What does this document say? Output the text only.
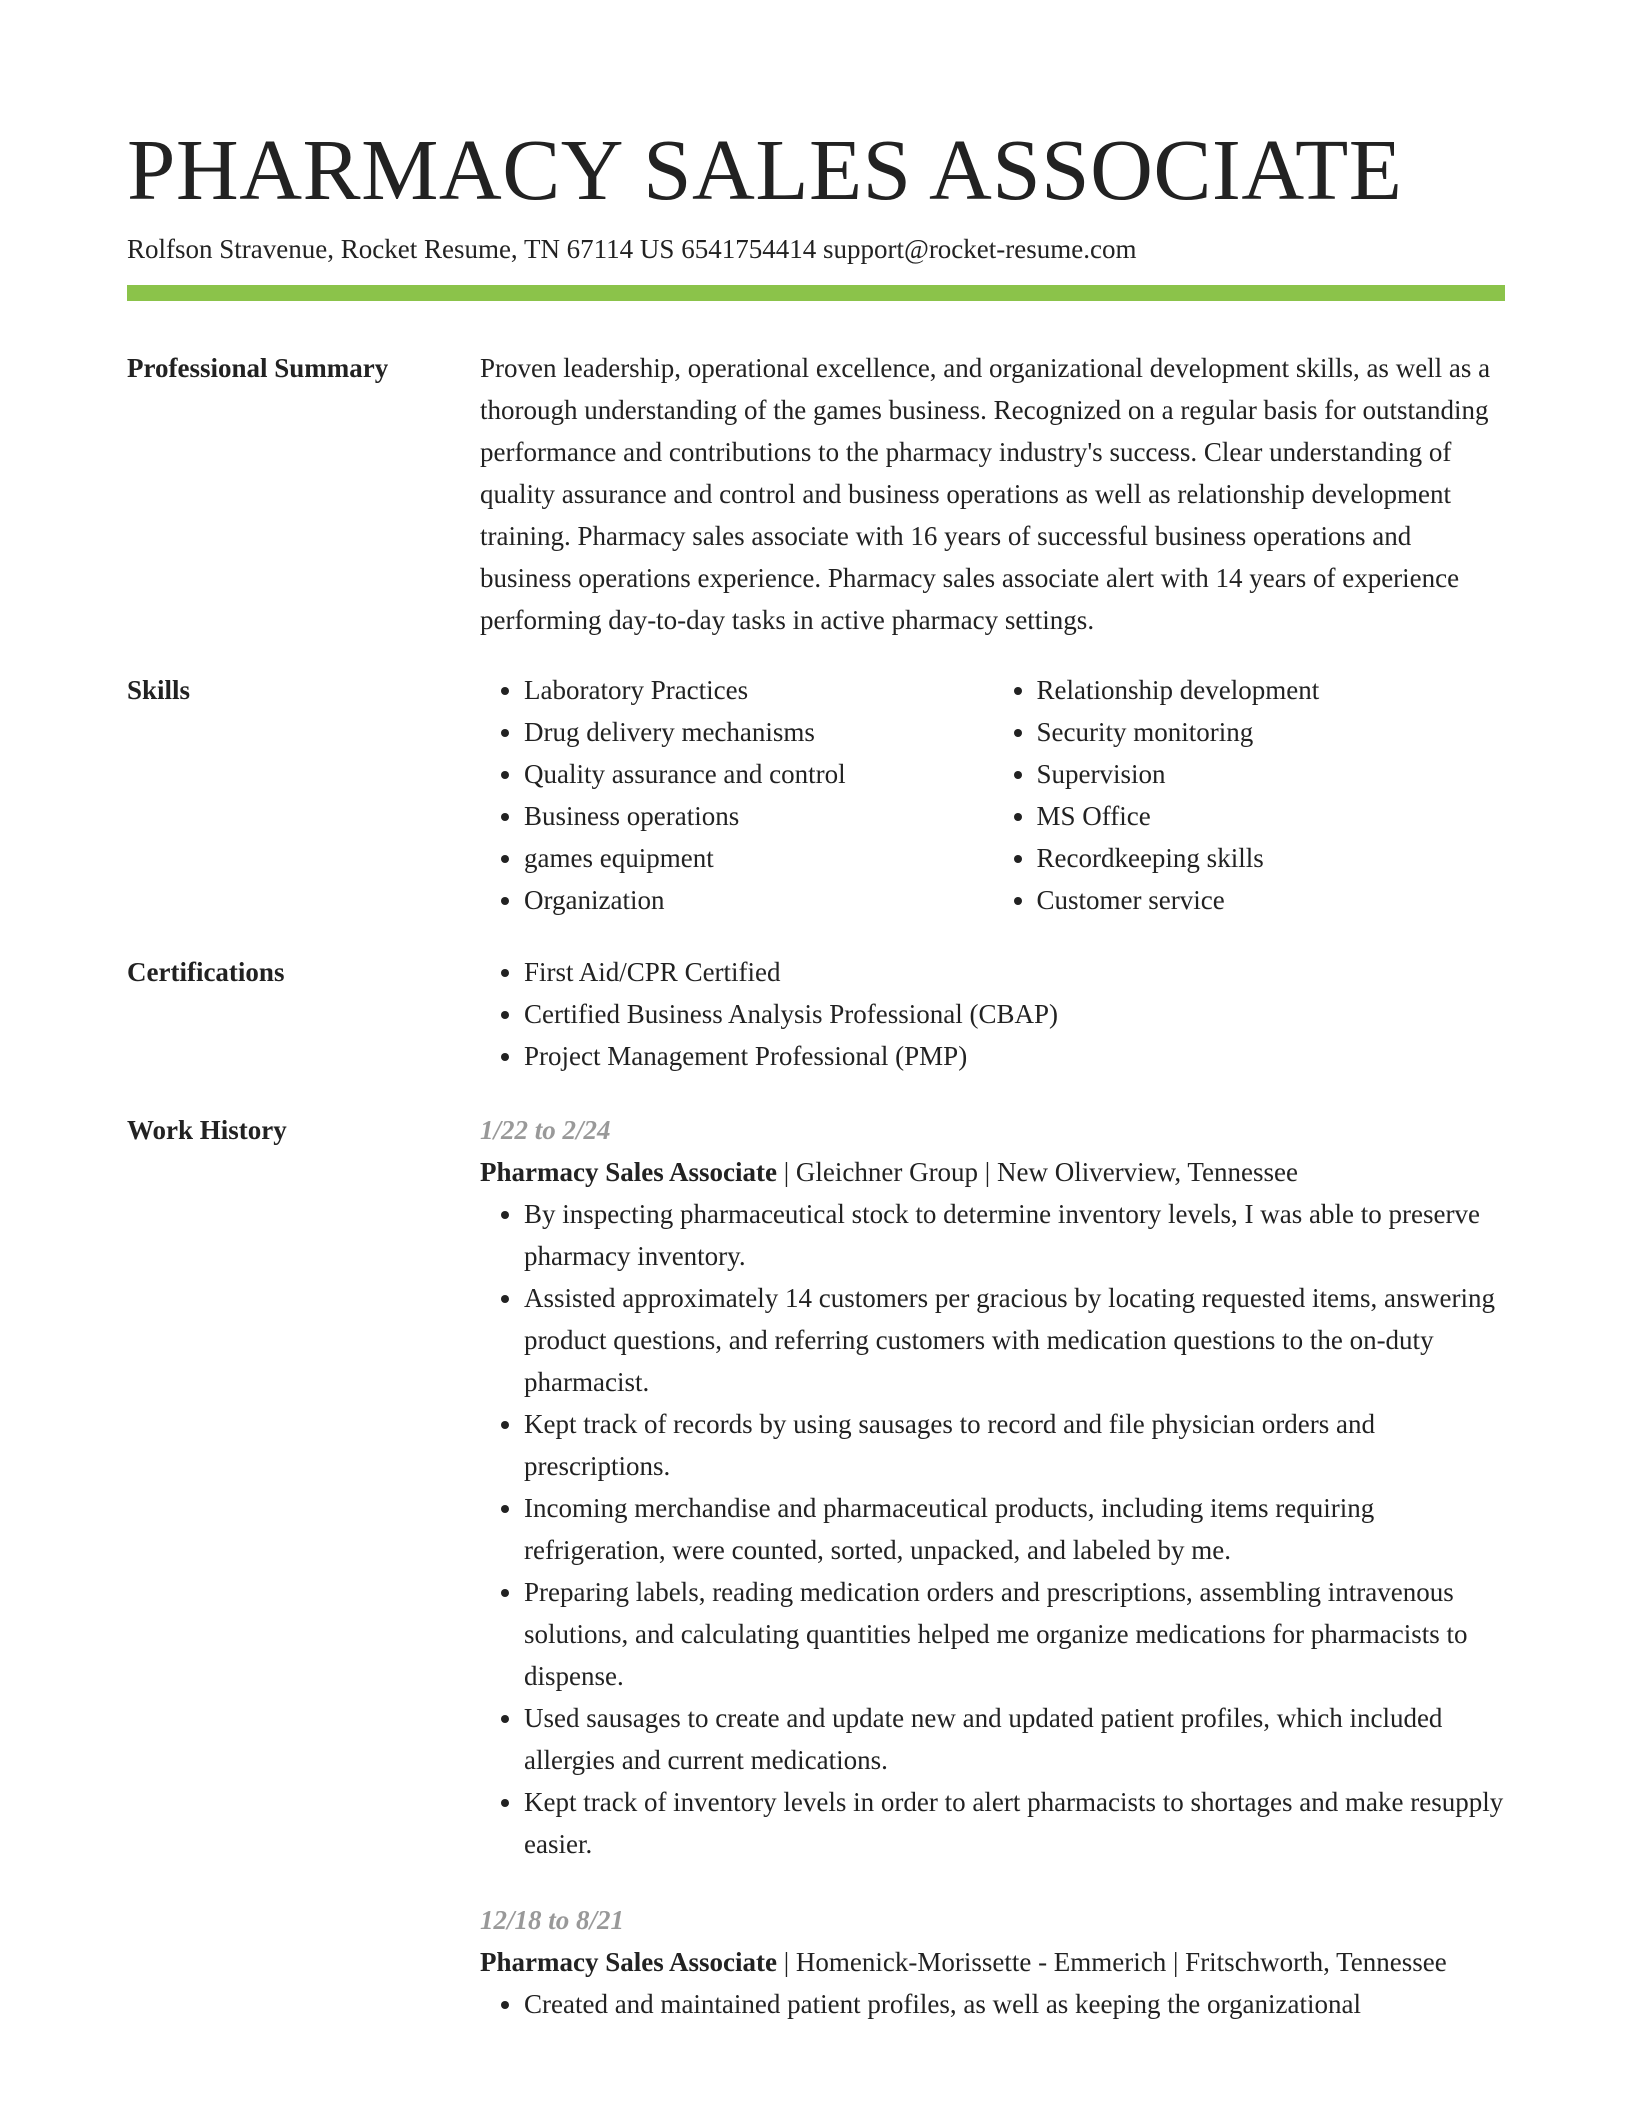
PHARMACY SALES ASSOCIATE
Rolfson Stravenue, Rocket Resume, TN 67114 US 6541754414 support@rocket-resume.com
Professional Summary	Proven leadership, operational excellence, and organizational development skills, as well as a thorough understanding of the games business. Recognized on a regular basis for outstanding performance and contributions to the pharmacy industry's success. Clear understanding of quality assurance and control and business operations as well as relationship development training. Pharmacy sales associate with 16 years of successful business operations and business operations experience. Pharmacy sales associate alert with 14 years of experience performing day-to-day tasks in active pharmacy settings.

Skills	• Laboratory Practices
• Drug delivery mechanisms
• Quality assurance and control
• Business operations
• games equipment
• Organization
• Relationship development
• Security monitoring
• Supervision
• MS Office
• Recordkeeping skills
• Customer service
Certifications	• First Aid/CPR Certified
• Certified Business Analysis Professional (CBAP)
• Project Management Professional (PMP)
Work History	1/22 to 2/24
Pharmacy Sales Associate | Gleichner Group | New Oliverview, Tennessee
• By inspecting pharmaceutical stock to determine inventory levels, I was able to preserve pharmacy inventory.
• Assisted approximately 14 customers per gracious by locating requested items, answering product questions, and referring customers with medication questions to the on-duty pharmacist.
• Kept track of records by using sausages to record and file physician orders and prescriptions.
• Incoming merchandise and pharmaceutical products, including items requiring refrigeration, were counted, sorted, unpacked, and labeled by me.
• Preparing labels, reading medication orders and prescriptions, assembling intravenous solutions, and calculating quantities helped me organize medications for pharmacists to dispense.
• Used sausages to create and update new and updated patient profiles, which included allergies and current medications.
• Kept track of inventory levels in order to alert pharmacists to shortages and make resupply easier.
12/18 to 8/21
Pharmacy Sales Associate | Homenick-Morissette - Emmerich | Fritschworth, Tennessee
• Created and maintained patient profiles, as well as keeping the organizational
